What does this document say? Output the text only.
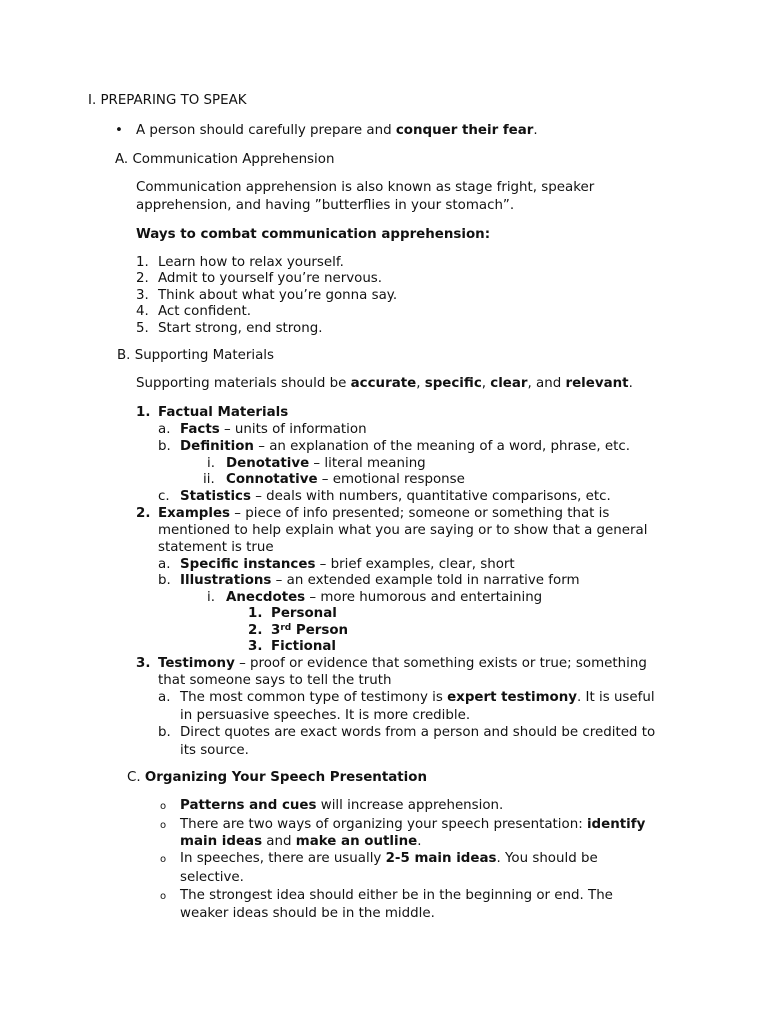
I. PREPARING TO SPEAK
•
A person should carefully prepare and conquer their fear.
A. Communication Apprehension
Communication apprehension is also known as stage fright, speaker
apprehension, and having ”butterflies in your stomach”.
Ways to combat communication apprehension:
1. Learn how to relax yourself.
2. Admit to yourself you’re nervous.
3. Think about what you’re gonna say.
4. Act confident.
5. Start strong, end strong.
B. Supporting Materials
Supporting materials should be accurate, specific, clear, and relevant.
1. Factual Materials
a. Facts – units of information
b. Definition – an explanation of the meaning of a word, phrase, etc.
i. Denotative – literal meaning
ii. Connotative – emotional response
c. Statistics – deals with numbers, quantitative comparisons, etc.
2. Examples – piece of info presented; someone or something that is
mentioned to help explain what you are saying or to show that a general
statement is true
a. Specific instances – brief examples, clear, short
b. Illustrations – an extended example told in narrative form
i. Anecdotes – more humorous and entertaining
1. Personal
2. 3rd Person
3. Fictional
3. Testimony – proof or evidence that something exists or true; something
that someone says to tell the truth
a. The most common type of testimony is expert testimony. It is useful
in persuasive speeches. It is more credible.
b. Direct quotes are exact words from a person and should be credited to
its source.
C. Organizing Your Speech Presentation
o Patterns and cues will increase apprehension.
o There are two ways of organizing your speech presentation: identify
main ideas and make an outline.
o In speeches, there are usually 2-5 main ideas. You should be
selective.
o The strongest idea should either be in the beginning or end. The
weaker ideas should be in the middle.
